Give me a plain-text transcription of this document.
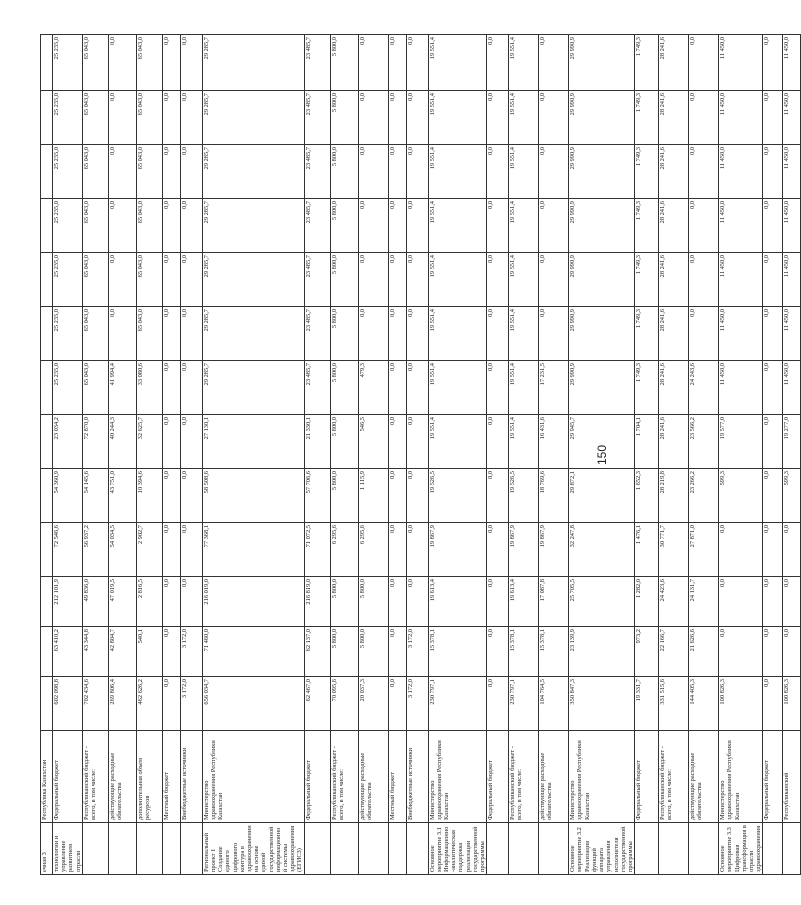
ечная 3	Республика Казахстан													
технологии и управление развитием отрасли	Федеральный бюджет	602 098,8	63 410,2	212 101,9	72 546,6	54 360,9	23 034,2	25 235,0	25 235,0	25 235,0	25 235,0	25 235,0	25 235,0	25 235,0
	Республиканский бюджет - всего, в том числе:	702 434,6	43 344,8	49 836,0	56 937,2	54 145,6	72 870,0	65 043,0	65 043,0	65 043,0	65 043,0	65 043,0	65 043,0	65 043,0
	действующие расходные обязательства	269 806,4	42 804,7	47 019,5	54 034,5	43 751,0	40 244,3	41 994,4	0,0	0,0	0,0	0,0	0,0	0,0
	дополнительная объем ресурсов	462 626,2	540,1	2 816,5	2 902,7	10 394,6	32 625,7	33 080,6	65 043,0	65 043,0	65 043,0	65 043,0	65 043,0	65 043,0
	Местный бюджет	0,0	0,0	0,0	0,0	0,0	0,0	0,0	0,0	0,0	0,0	0,0	0,0	0,0
	Внебюджетные источники	3 172,0	3 172,0	0,0	0,0	0,0	0,0	0,0	0,0	0,0	0,0	0,0	0,0	0,0
Региональный проект 1 Создание единого цифрового контура в здравоохранении на основе единой государственной информационной системы здравоохранения (ЕГИСЗ)	Министерство здравоохранения Республики Казахстан	656 034,7	71 460,0	216 019,0	77 368,1	58 508,6	27 130,1	29 285,7	29 285,7	29 285,7	29 285,7	29 285,7	29 285,7	29 285,7
	Федеральный бюджет	62 467,0	62 137,0	216 819,0	71 072,5	57 706,6	21 330,1	23 485,7	23 485,7	23 485,7	23 485,7	23 485,7	23 485,7	23 485,7
	Республиканский бюджет - всего, в том числе:	70 095,6	5 800,0	5 800,0	6 295,6	5 800,0	5 800,0	5 800,0	5 800,0	5 800,0	5 800,0	5 800,0	5 800,0	5 800,0
	действующие расходные обязательства	20 037,3	5 800,0	5 800,0	6 295,6	1 115,9	546,5	479,3	0,0	0,0	0,0	0,0	0,0	0,0
	Местный бюджет	0,0	0,0	0,0	0,0	0,0	0,0	0,0	0,0	0,0	0,0	0,0	0,0	0,0
	Внебюджетные источники	3 172,0	3 172,0	0,0	0,0	0,0	0,0	0,0	0,0	0,0	0,0	0,0	0,0	0,0
Основное мероприятие 3.1 Информационно-аналитическая поддержка реализации государственной программы	Министерство здравоохранения Республики Казахстан	230 797,1	15 378,1	19 613,4	19 867,9	19 526,5	19 551,4	19 551,4	19 551,4	19 551,4	19 551,4	19 551,4	19 551,4	19 551,4
	Федеральный бюджет	0,0	0,0	0,0	0,0	0,0	0,0	0,0	0,0	0,0	0,0	0,0	0,0	0,0
	Республиканский бюджет - всего, в том числе:	230 797,1	15 378,1	19 613,4	19 867,9	19 526,5	19 551,4	19 551,4	19 551,4	19 551,4	19 551,4	19 551,4	19 551,4	19 551,4
	действующие расходные обязательства	104 764,5	15 378,1	17 087,8	19 867,9	18 769,6	16 431,6	17 231,5	0,0	0,0	0,0	0,0	0,0	0,0
Основное мероприятие 3.2 Реализация функций аппарата управления исполнителя государственной программы	Министерство здравоохранения Республики Казахстан	350 847,3	23 139,9	25 705,5	32 247,8	29 872,1	29 945,7	29 990,9	29 990,9	29 990,9	29 990,9	29 990,9	29 990,9	29 990,9
	Федеральный бюджет	19 331,7	973,2	1 282,0	1 476,1	1 652,3	1 704,1	1 749,3	1 749,3	1 749,3	1 749,3	1 749,3	1 749,3	1 749,3
	Республиканский бюджет - всего, в том числе:	331 515,6	22 166,7	24 423,6	30 771,7	28 219,8	28 241,6	28 241,6	28 241,6	28 241,6	28 241,6	28 241,6	28 241,6	28 241,6
	действующие расходные обязательства	144 405,3	21 626,6	24 131,7	27 871,0	23 266,2	23 566,2	24 243,6	0,0	0,0	0,0	0,0	0,0	0,0
Основное мероприятие 3.3 Цифровая трансформация в отрасли здравоохранения	Министерство здравоохранения Республики Казахстан	100 826,3	0,0	0,0	0,0	599,3	19 577,0	11 450,0	11 450,0	11 450,0	11 450,0	11 450,0	11 450,0	11 450,0
	Федеральный бюджет	0,0	0,0	0,0	0,0	0,0	0,0	0,0	0,0	0,0	0,0	0,0	0,0	0,0
	Республиканский	100 826,3	0,0	0,0	0,0	599,3	19 277,0	11 450,0	11 450,0	11 450,0	11 450,0	11 450,0	11 450,0	11 450,0
150
